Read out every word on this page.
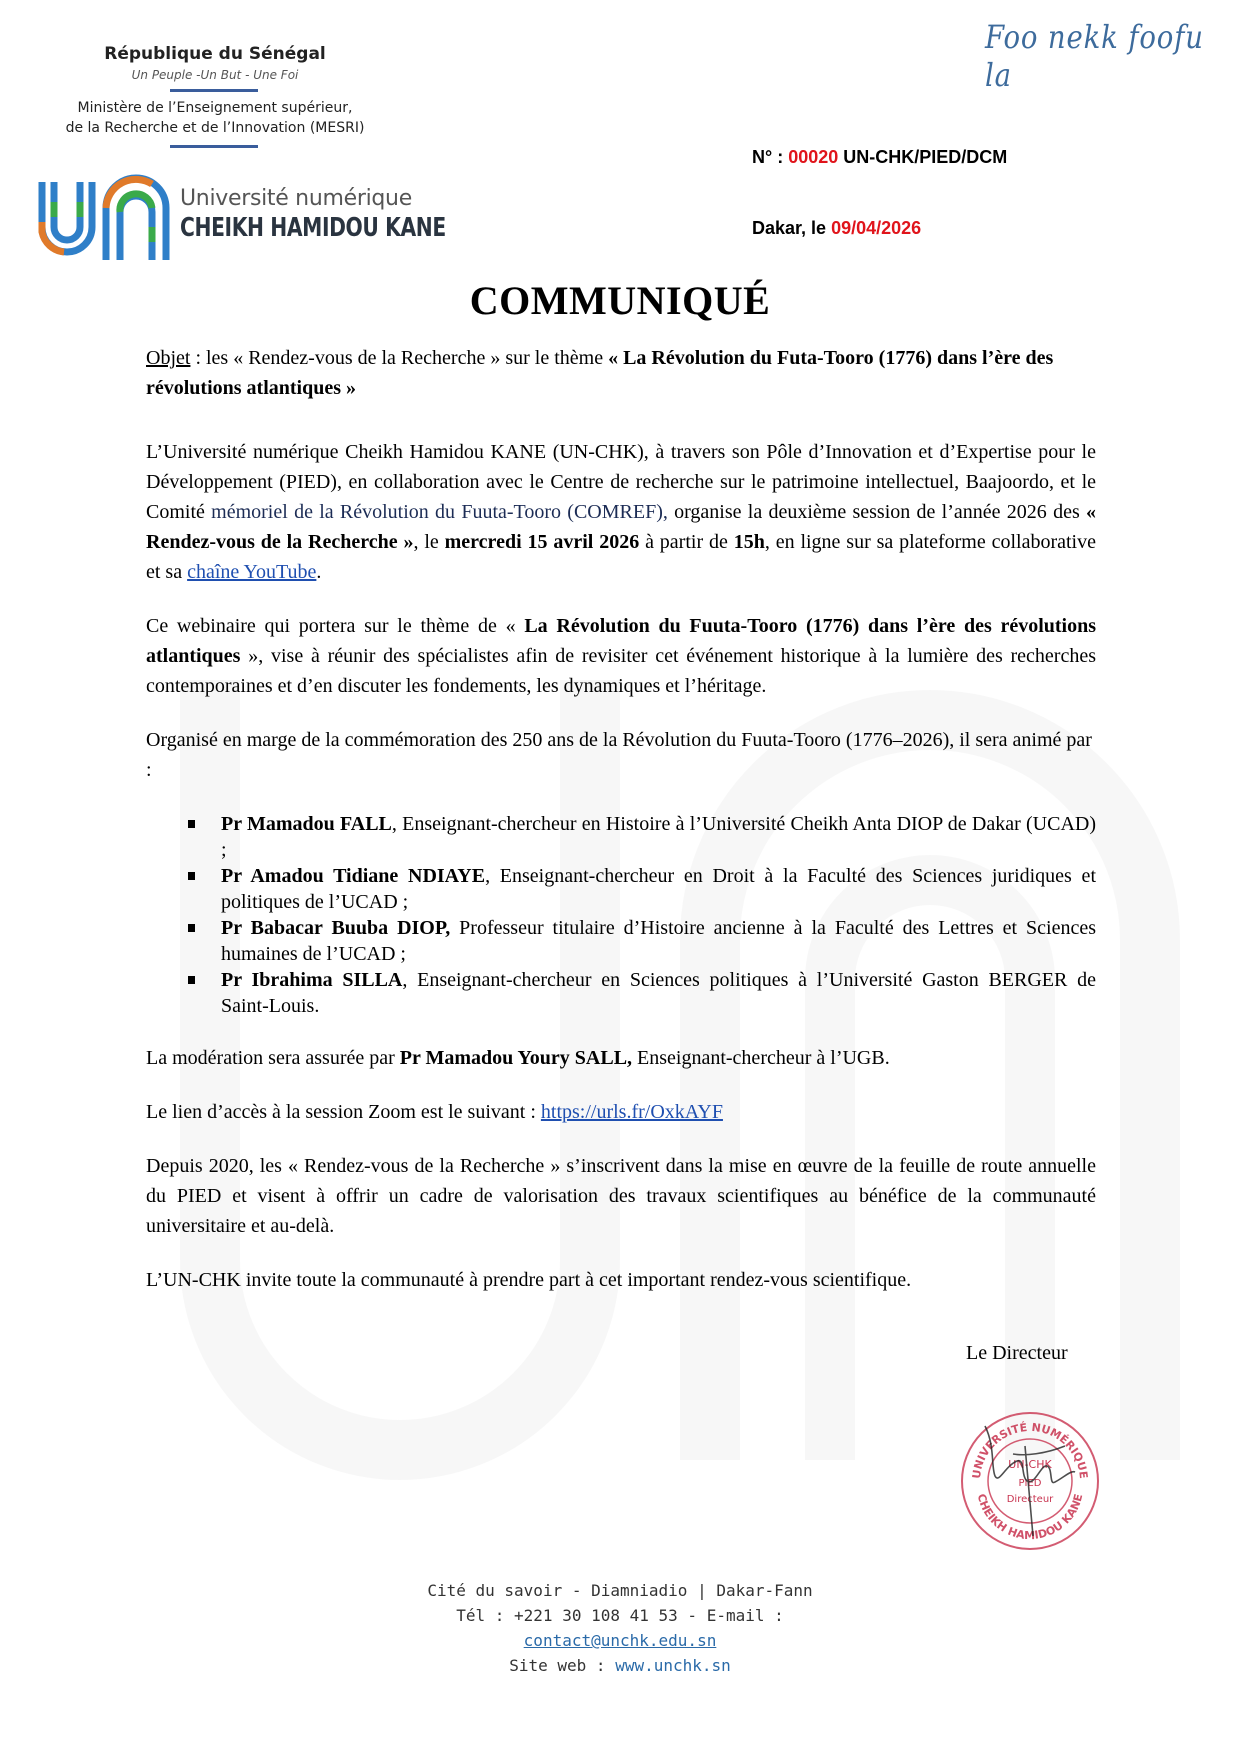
République du Sénégal
Un Peuple -Un But - Une Foi
Ministère de l’Enseignement supérieur,
de la Recherche et de l’Innovation (MESRI)
Université numérique
CHEIKH HAMIDOU KANE
Foo nekk foofu la
N° : 00020 UN-CHK/PIED/DCM
Dakar, le 09/04/2026
COMMUNIQUÉ

Objet : les « Rendez-vous de la Recherche » sur le thème « La Révolution du Futa-Tooro (1776) dans l’ère des révolutions atlantiques »

L’Université numérique Cheikh Hamidou KANE (UN-CHK), à travers son Pôle d’Innovation et d’Expertise pour le Développement (PIED), en collaboration avec le Centre de recherche sur le patrimoine intellectuel, Baajoordo, et le Comité mémoriel de la Révolution du Fuuta-Tooro (COMREF), organise la deuxième session de l’année 2026 des « Rendez-vous de la Recherche », le mercredi 15 avril 2026 à partir de 15h, en ligne sur sa plateforme collaborative et sa chaîne YouTube.

Ce webinaire qui portera sur le thème de « La Révolution du Fuuta-Tooro (1776) dans l’ère des révolutions atlantiques », vise à réunir des spécialistes afin de revisiter cet événement historique à la lumière des recherches contemporaines et d’en discuter les fondements, les dynamiques et l’héritage.

Organisé en marge de la commémoration des 250 ans de la Révolution du Fuuta-Tooro (1776–2026), il sera animé par :

Pr Mamadou FALL, Enseignant-chercheur en Histoire à l’Université Cheikh Anta DIOP de Dakar (UCAD) ;
Pr Amadou Tidiane NDIAYE, Enseignant-chercheur en Droit à la Faculté des Sciences juridiques et politiques de l’UCAD ;
Pr Babacar Buuba DIOP, Professeur titulaire d’Histoire ancienne à la Faculté des Lettres et Sciences humaines de l’UCAD ;
Pr Ibrahima SILLA, Enseignant-chercheur en Sciences politiques à l’Université Gaston BERGER de Saint-Louis.

La modération sera assurée par Pr Mamadou Youry SALL, Enseignant-chercheur à l’UGB.

Le lien d’accès à la session Zoom est le suivant : https://urls.fr/OxkAYF

Depuis 2020, les « Rendez-vous de la Recherche » s’inscrivent dans la mise en œuvre de la feuille de route annuelle du PIED et visent à offrir un cadre de valorisation des travaux scientifiques au bénéfice de la communauté universitaire et au-delà.

L’UN-CHK invite toute la communauté à prendre part à cet important rendez-vous scientifique.

Le Directeur
UNIVERSITÉ NUMÉRIQUE
CHEIKH HAMIDOU KANE
UN-CHK
PIED
Directeur
Cité du savoir - Diamniadio | Dakar-Fann
Tél : +221 30 108 41 53 - E-mail :
contact@unchk.edu.sn
Site web : www.unchk.sn
